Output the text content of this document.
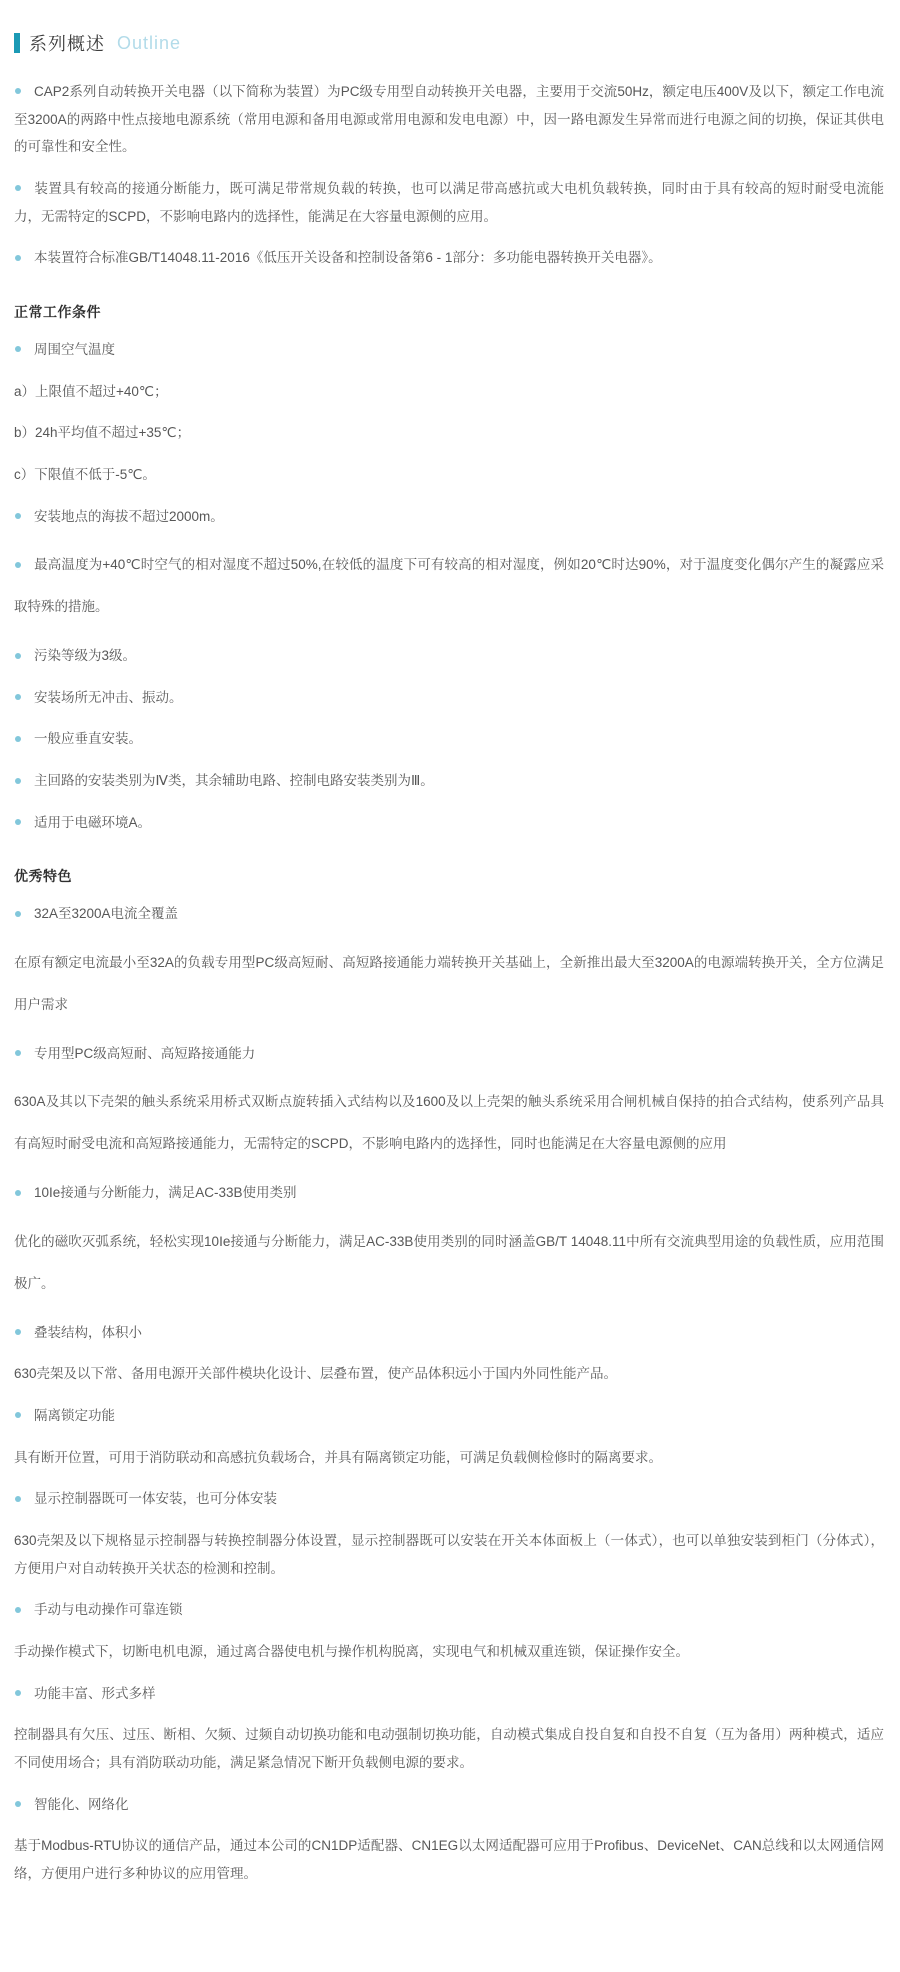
系列概述 Outline

CAP2系列自动转换开关电器（以下简称为装置）为PC级专用型自动转换开关电器，主要用于交流50Hz，额定电压400V及以下，额定工作电流至3200A的两路中性点接地电源系统（常用电源和备用电源或常用电源和发电电源）中，因一路电源发生异常而进行电源之间的切换，保证其供电的可靠性和安全性。

装置具有较高的接通分断能力，既可满足带常规负载的转换，也可以满足带高感抗或大电机负载转换，同时由于具有较高的短时耐受电流能力，无需特定的SCPD，不影响电路内的选择性，能满足在大容量电源侧的应用。

本装置符合标准GB/T14048.11-2016《低压开关设备和控制设备第6 - 1部分：多功能电器转换开关电器》。

正常工作条件

周围空气温度

a）上限值不超过+40℃；

b）24h平均值不超过+35℃；

c）下限值不低于-5℃。

安装地点的海拔不超过2000m。

最高温度为+40℃时空气的相对湿度不超过50%,在较低的温度下可有较高的相对湿度，例如20℃时达90%，对于温度变化偶尔产生的凝露应采取特殊的措施。

污染等级为3级。

安装场所无冲击、振动。

一般应垂直安装。

主回路的安装类别为Ⅳ类，其余辅助电路、控制电路安装类别为Ⅲ。

适用于电磁环境A。

优秀特色

32A至3200A电流全覆盖

在原有额定电流最小至32A的负载专用型PC级高短耐、高短路接通能力端转换开关基础上，全新推出最大至3200A的电源端转换开关，全方位满足用户需求

专用型PC级高短耐、高短路接通能力

630A及其以下壳架的触头系统采用桥式双断点旋转插入式结构以及1600及以上壳架的触头系统采用合闸机械自保持的拍合式结构，使系列产品具有高短时耐受电流和高短路接通能力，无需特定的SCPD，不影响电路内的选择性，同时也能满足在大容量电源侧的应用

10Ie接通与分断能力，满足AC-33B使用类别

优化的磁吹灭弧系统，轻松实现10Ie接通与分断能力，满足AC-33B使用类别的同时涵盖GB/T 14048.11中所有交流典型用途的负载性质，应用范围极广。

叠装结构，体积小

630壳架及以下常、备用电源开关部件模块化设计、层叠布置，使产品体积远小于国内外同性能产品。

隔离锁定功能

具有断开位置，可用于消防联动和高感抗负载场合，并具有隔离锁定功能，可满足负载侧检修时的隔离要求。

显示控制器既可一体安装，也可分体安装

630壳架及以下规格显示控制器与转换控制器分体设置，显示控制器既可以安装在开关本体面板上（一体式），也可以单独安装到柜门（分体式），方便用户对自动转换开关状态的检测和控制。

手动与电动操作可靠连锁

手动操作模式下，切断电机电源，通过离合器使电机与操作机构脱离，实现电气和机械双重连锁，保证操作安全。

功能丰富、形式多样

控制器具有欠压、过压、断相、欠频、过频自动切换功能和电动强制切换功能，自动模式集成自投自复和自投不自复（互为备用）两种模式，适应不同使用场合；具有消防联动功能，满足紧急情况下断开负载侧电源的要求。

智能化、网络化

基于Modbus-RTU协议的通信产品，通过本公司的CN1DP适配器、CN1EG以太网适配器可应用于Profibus、DeviceNet、CAN总线和以太网通信网络，方便用户进行多种协议的应用管理。
